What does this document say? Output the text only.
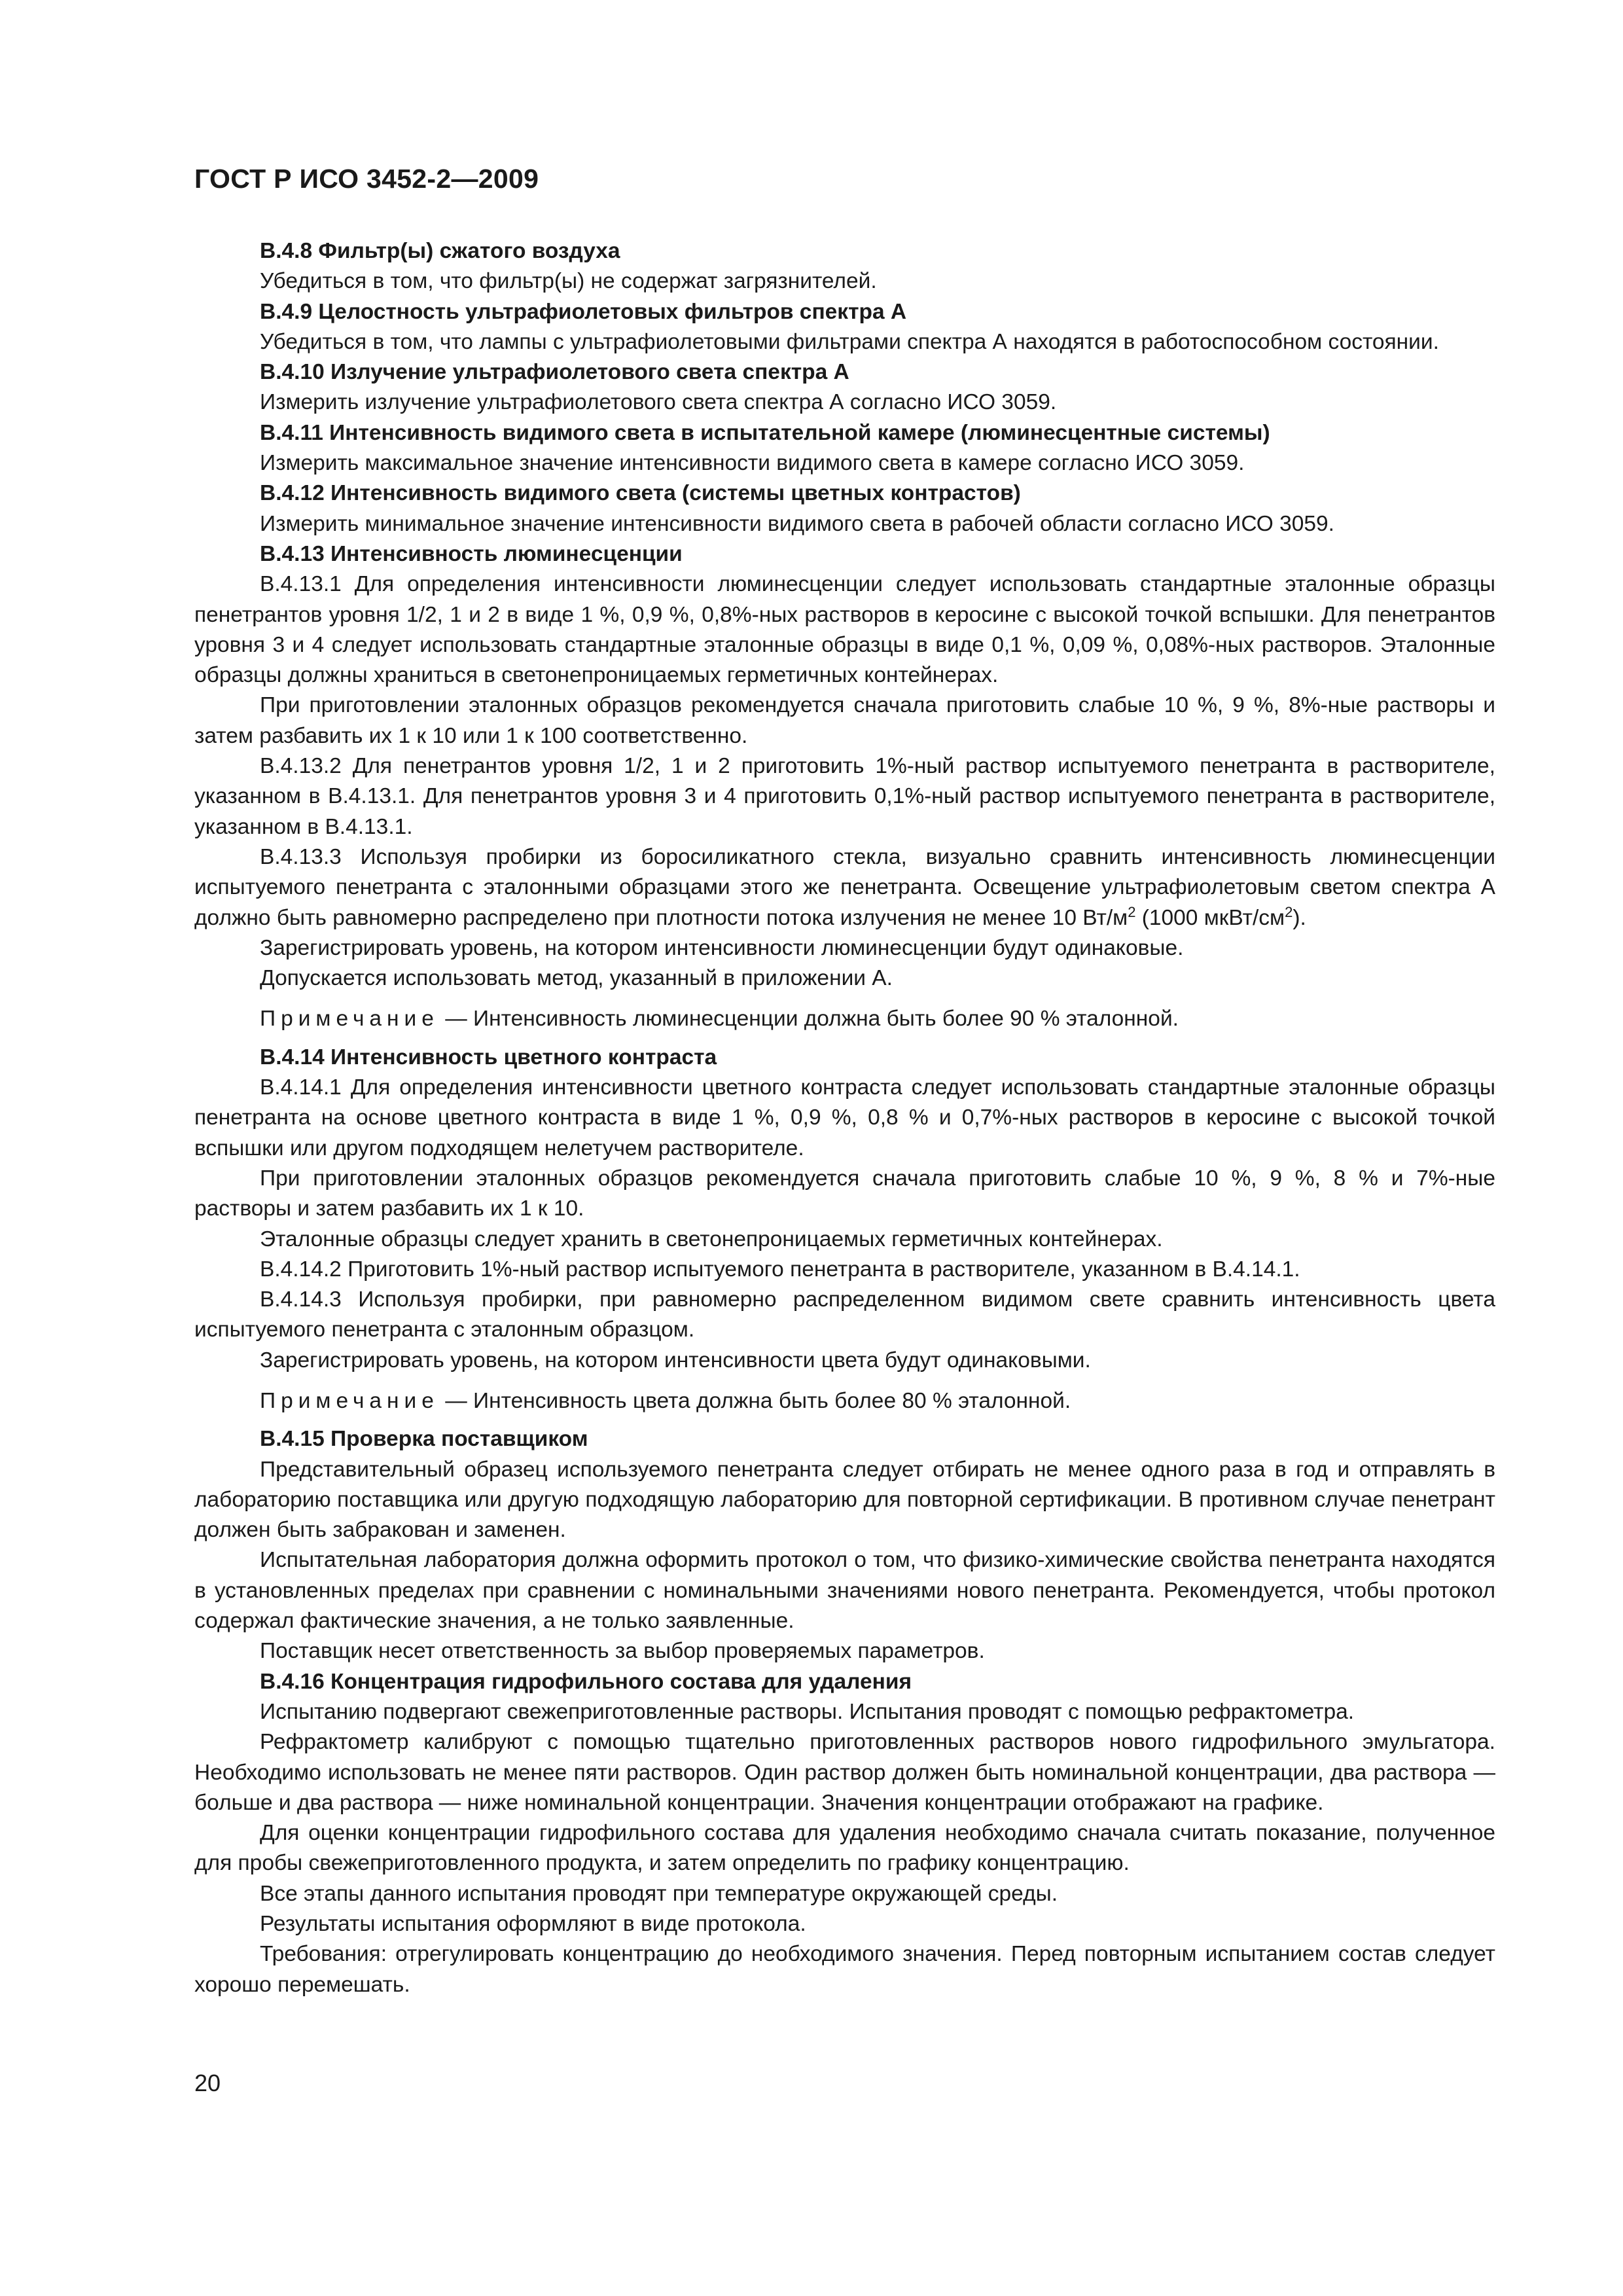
ГОСТ Р ИСО 3452-2—2009

В.4.8 Фильтр(ы) сжатого воздуха

Убедиться в том, что фильтр(ы) не содержат загрязнителей.

В.4.9 Целостность ультрафиолетовых фильтров спектра А

Убедиться в том, что лампы с ультрафиолетовыми фильтрами спектра А находятся в работоспособном состоянии.

В.4.10 Излучение ультрафиолетового света спектра А

Измерить излучение ультрафиолетового света спектра А согласно ИСО 3059.

В.4.11 Интенсивность видимого света в испытательной камере (люминесцентные системы)

Измерить максимальное значение интенсивности видимого света в камере согласно ИСО 3059.

В.4.12 Интенсивность видимого света (системы цветных контрастов)

Измерить минимальное значение интенсивности видимого света в рабочей области согласно ИСО 3059.

В.4.13 Интенсивность люминесценции

В.4.13.1 Для определения интенсивности люминесценции следует использовать стандартные эталонные образцы пенетрантов уровня 1/2, 1 и 2 в виде 1 %, 0,9 %, 0,8%-ных растворов в керосине с высокой точкой вспышки. Для пенетрантов уровня 3 и 4 следует использовать стандартные эталонные образцы в виде 0,1 %, 0,09 %, 0,08%-ных растворов. Эталонные образцы должны храниться в светонепроницаемых герметичных контейнерах.

При приготовлении эталонных образцов рекомендуется сначала приготовить слабые 10 %, 9 %, 8%-ные растворы и затем разбавить их 1 к 10 или 1 к 100 соответственно.

В.4.13.2 Для пенетрантов уровня 1/2, 1 и 2 приготовить 1%-ный раствор испытуемого пенетранта в растворителе, указанном в В.4.13.1. Для пенетрантов уровня 3 и 4 приготовить 0,1%-ный раствор испытуемого пенетранта в растворителе, указанном в В.4.13.1.

В.4.13.3 Используя пробирки из боросиликатного стекла, визуально сравнить интенсивность люминесценции испытуемого пенетранта с эталонными образцами этого же пенетранта. Освещение ультрафиолетовым светом спектра А должно быть равномерно распределено при плотности потока излучения не менее 10 $Вт/м^2$ (1000 мкВт/$см^2$).

Зарегистрировать уровень, на котором интенсивности люминесценции будут одинаковые.

Допускается использовать метод, указанный в приложении А.

Примечание — Интенсивность люминесценции должна быть более 90 % эталонной.

В.4.14 Интенсивность цветного контраста

В.4.14.1 Для определения интенсивности цветного контраста следует использовать стандартные эталонные образцы пенетранта на основе цветного контраста в виде 1 %, 0,9 %, 0,8 % и 0,7%-ных растворов в керосине с высокой точкой вспышки или другом подходящем нелетучем растворителе.

При приготовлении эталонных образцов рекомендуется сначала приготовить слабые 10 %, 9 %, 8 % и 7%-ные растворы и затем разбавить их 1 к 10.

Эталонные образцы следует хранить в светонепроницаемых герметичных контейнерах.

В.4.14.2 Приготовить 1%-ный раствор испытуемого пенетранта в растворителе, указанном в В.4.14.1.

В.4.14.3 Используя пробирки, при равномерно распределенном видимом свете сравнить интенсивность цвета испытуемого пенетранта с эталонным образцом.

Зарегистрировать уровень, на котором интенсивности цвета будут одинаковыми.

Примечание — Интенсивность цвета должна быть более 80 % эталонной.

В.4.15 Проверка поставщиком

Представительный образец используемого пенетранта следует отбирать не менее одного раза в год и отправлять в лабораторию поставщика или другую подходящую лабораторию для повторной сертификации. В противном случае пенетрант должен быть забракован и заменен.

Испытательная лаборатория должна оформить протокол о том, что физико-химические свойства пенетранта находятся в установленных пределах при сравнении с номинальными значениями нового пенетранта. Рекомендуется, чтобы протокол содержал фактические значения, а не только заявленные.

Поставщик несет ответственность за выбор проверяемых параметров.

В.4.16 Концентрация гидрофильного состава для удаления

Испытанию подвергают свежеприготовленные растворы. Испытания проводят с помощью рефрактометра.

Рефрактометр калибруют с помощью тщательно приготовленных растворов нового гидрофильного эмульгатора. Необходимо использовать не менее пяти растворов. Один раствор должен быть номинальной концентрации, два раствора — больше и два раствора — ниже номинальной концентрации. Значения концентрации отображают на графике.

Для оценки концентрации гидрофильного состава для удаления необходимо сначала считать показание, полученное для пробы свежеприготовленного продукта, и затем определить по графику концентрацию.

Все этапы данного испытания проводят при температуре окружающей среды.

Результаты испытания оформляют в виде протокола.

Требования: отрегулировать концентрацию до необходимого значения. Перед повторным испытанием состав следует хорошо перемешать.

20
